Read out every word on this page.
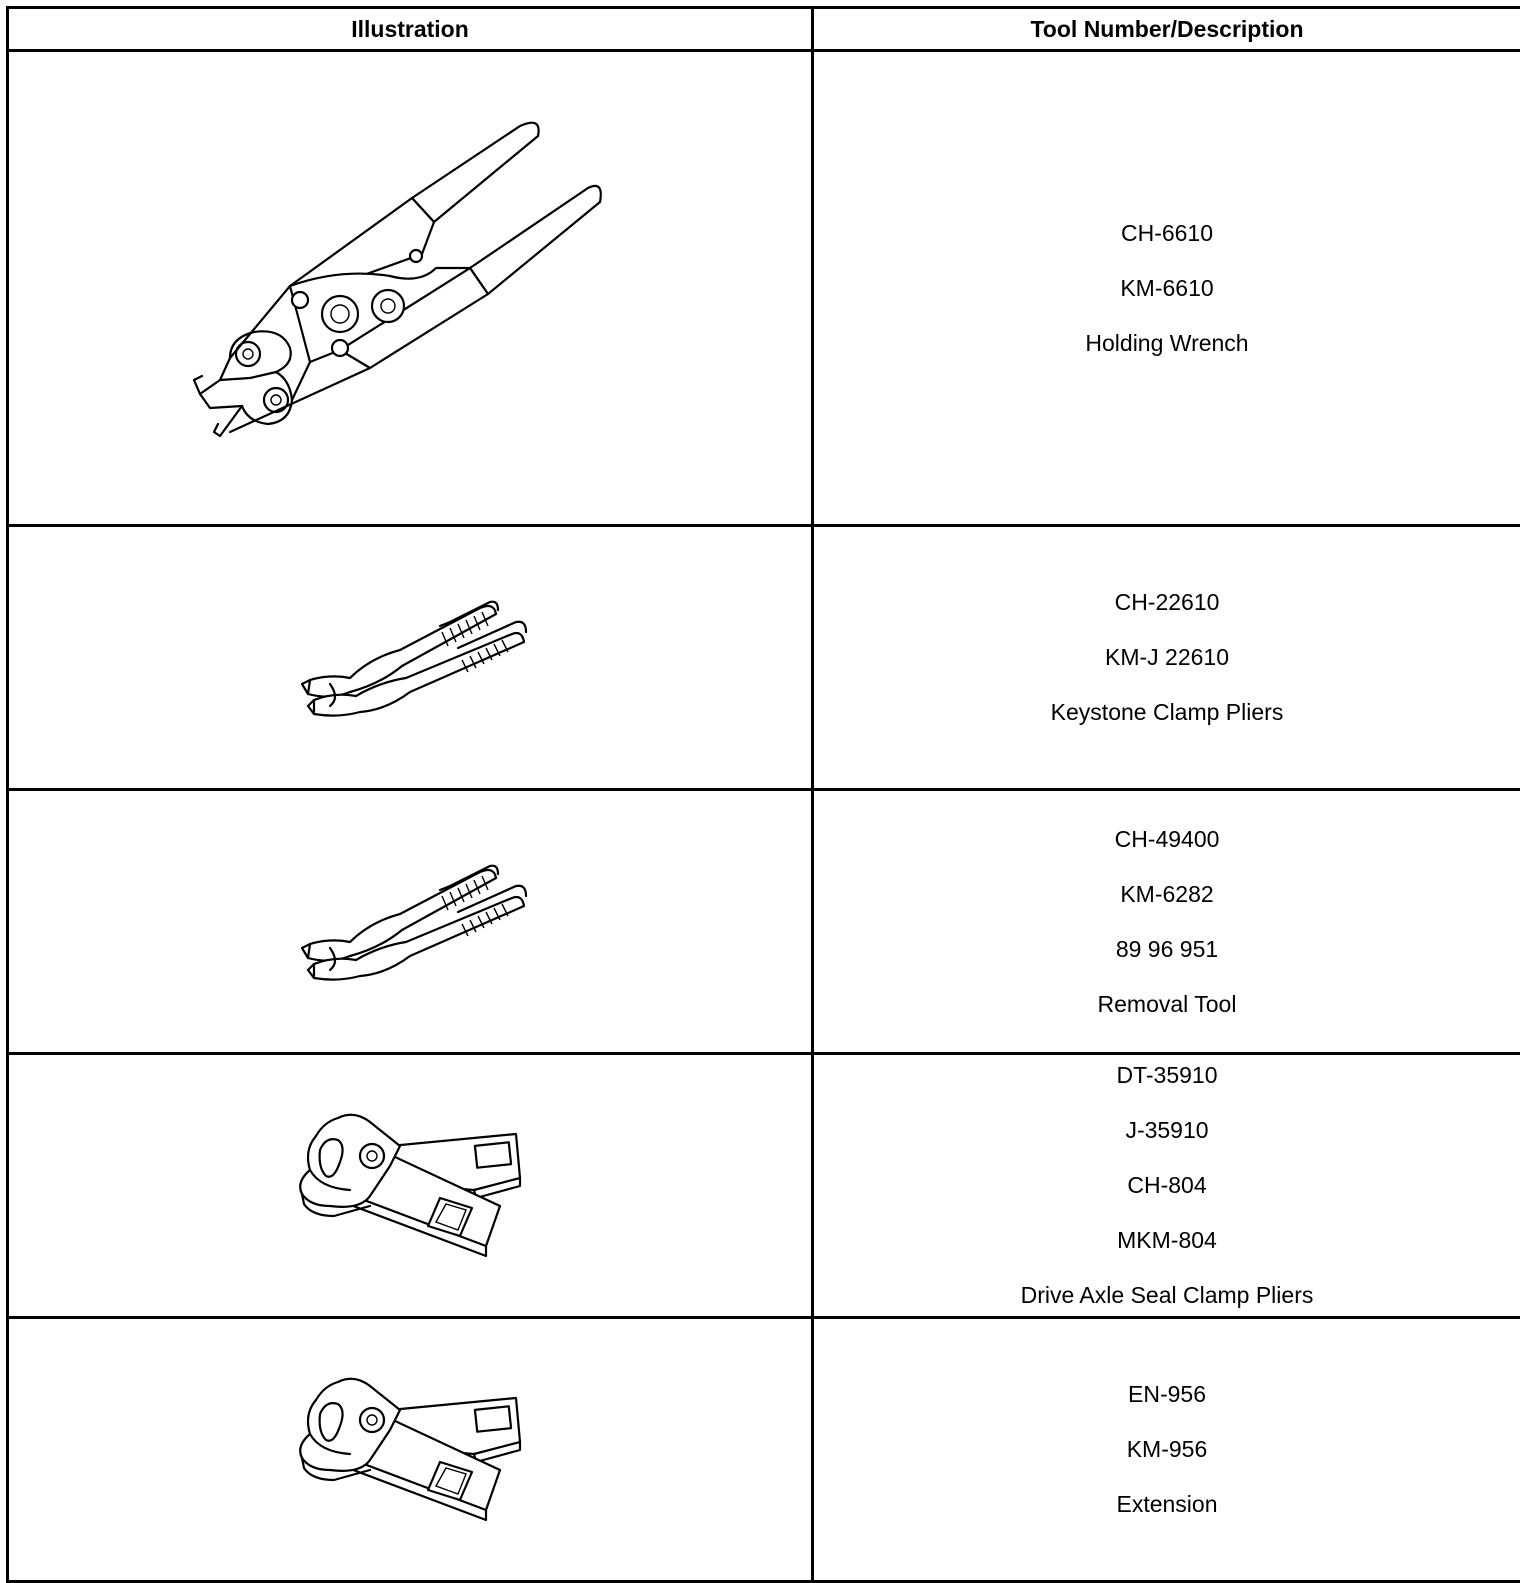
Illustration	Tool Number/Description

CH-6610
KM-6610
Holding Wrench

CH-22610
KM-J 22610
Keystone Clamp Pliers

CH-49400
KM-6282
89 96 951
Removal Tool

DT-35910
J-35910
CH-804
MKM-804
Drive Axle Seal Clamp Pliers

EN-956
KM-956
Extension
